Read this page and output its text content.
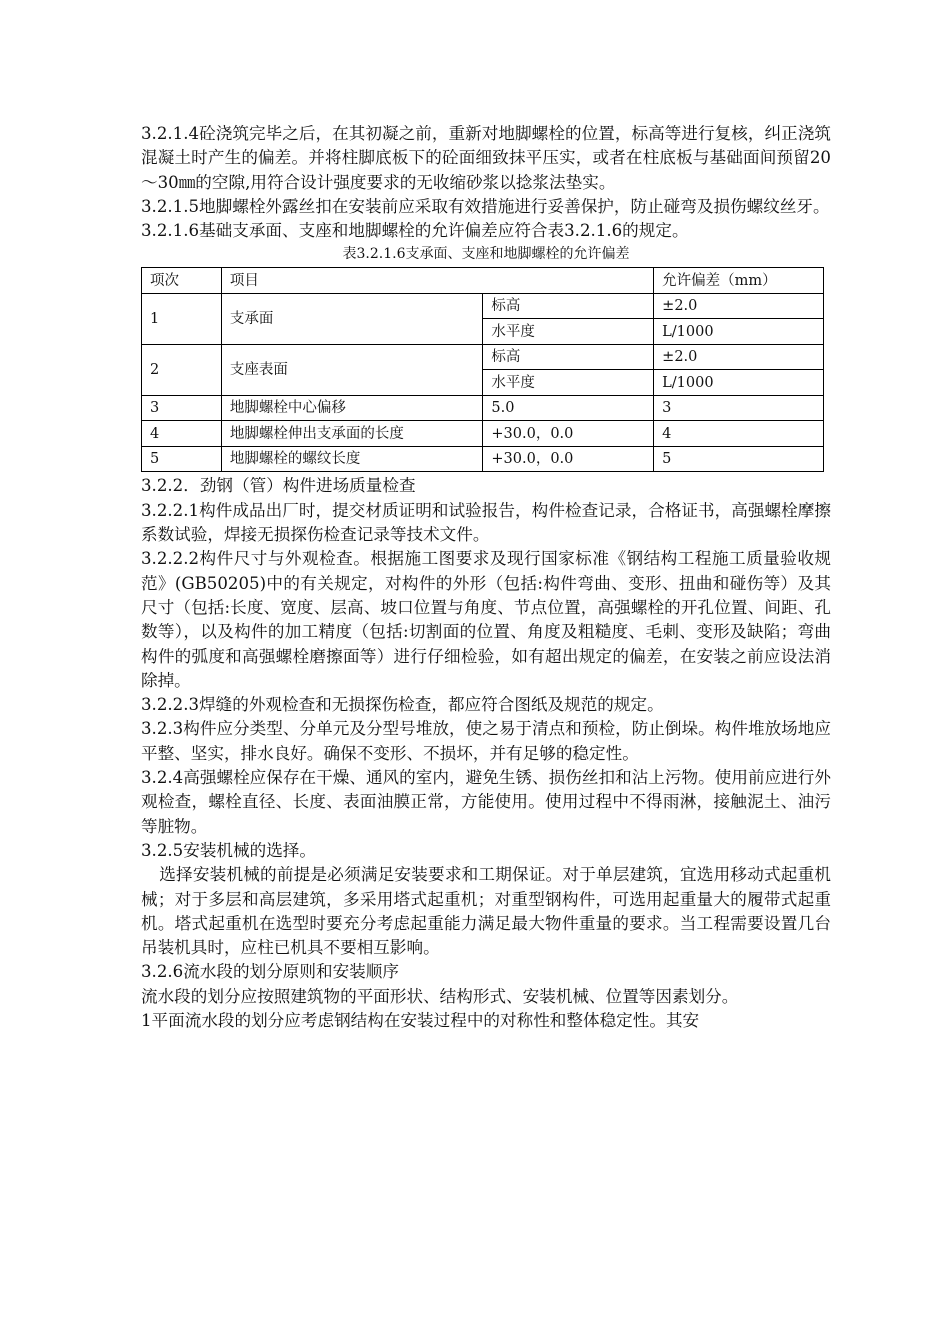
3.2.1.4砼浇筑完毕之后，在其初凝之前，重新对地脚螺栓的位置，标高等进行复核，纠正浇筑混凝土时产生的偏差。并将柱脚底板下的砼面细致抹平压实，或者在柱底板与基础面间预留20～30㎜的空隙,用符合设计强度要求的无收缩砂浆以捻浆法垫实。

3.2.1.5地脚螺栓外露丝扣在安装前应采取有效措施进行妥善保护，防止碰弯及损伤螺纹丝牙。

3.2.1.6基础支承面、支座和地脚螺栓的允许偏差应符合表3.2.1.6的规定。

表3.2.1.6支承面、支座和地脚螺栓的允许偏差
项次	项目		允许偏差（mm）
1	支承面	标高	±2.0
		水平度	L/1000
2	支座表面	标高	±2.0
		水平度	L/1000
3	地脚螺栓中心偏移	5.0	3
4	地脚螺栓伸出支承面的长度	+30.0，0.0	4
5	地脚螺栓的螺纹长度	+30.0，0.0	5

3.2.2．劲钢（管）构件进场质量检查

3.2.2.1构件成品出厂时，提交材质证明和试验报告，构件检查记录，合格证书，高强螺栓摩擦系数试验，焊接无损探伤检查记录等技术文件。

3.2.2.2构件尺寸与外观检查。根据施工图要求及现行国家标准《钢结构工程施工质量验收规范》(GB50205)中的有关规定，对构件的外形（包括:构件弯曲、变形、扭曲和碰伤等）及其尺寸（包括:长度、宽度、层高、坡口位置与角度、节点位置，高强螺栓的开孔位置、间距、孔数等），以及构件的加工精度（包括:切割面的位置、角度及粗糙度、毛刺、变形及缺陷；弯曲构件的弧度和高强螺栓磨擦面等）进行仔细检验，如有超出规定的偏差，在安装之前应设法消除掉。

3.2.2.3焊缝的外观检查和无损探伤检查，都应符合图纸及规范的规定。

3.2.3构件应分类型、分单元及分型号堆放，使之易于清点和预检，防止倒垛。构件堆放场地应平整、坚实，排水良好。确保不变形、不损坏，并有足够的稳定性。

3.2.4高强螺栓应保存在干燥、通风的室内，避免生锈、损伤丝扣和沾上污物。使用前应进行外观检查，螺栓直径、长度、表面油膜正常，方能使用。使用过程中不得雨淋，接触泥土、油污等脏物。

3.2.5安装机械的选择。

选择安装机械的前提是必须满足安装要求和工期保证。对于单层建筑，宜选用移动式起重机械；对于多层和高层建筑，多采用塔式起重机；对重型钢构件，可选用起重量大的履带式起重机。塔式起重机在选型时要充分考虑起重能力满足最大物件重量的要求。当工程需要设置几台吊装机具时，应柱已机具不要相互影响。

3.2.6流水段的划分原则和安装顺序

流水段的划分应按照建筑物的平面形状、结构形式、安装机械、位置等因素划分。

1平面流水段的划分应考虑钢结构在安装过程中的对称性和整体稳定性。其安
